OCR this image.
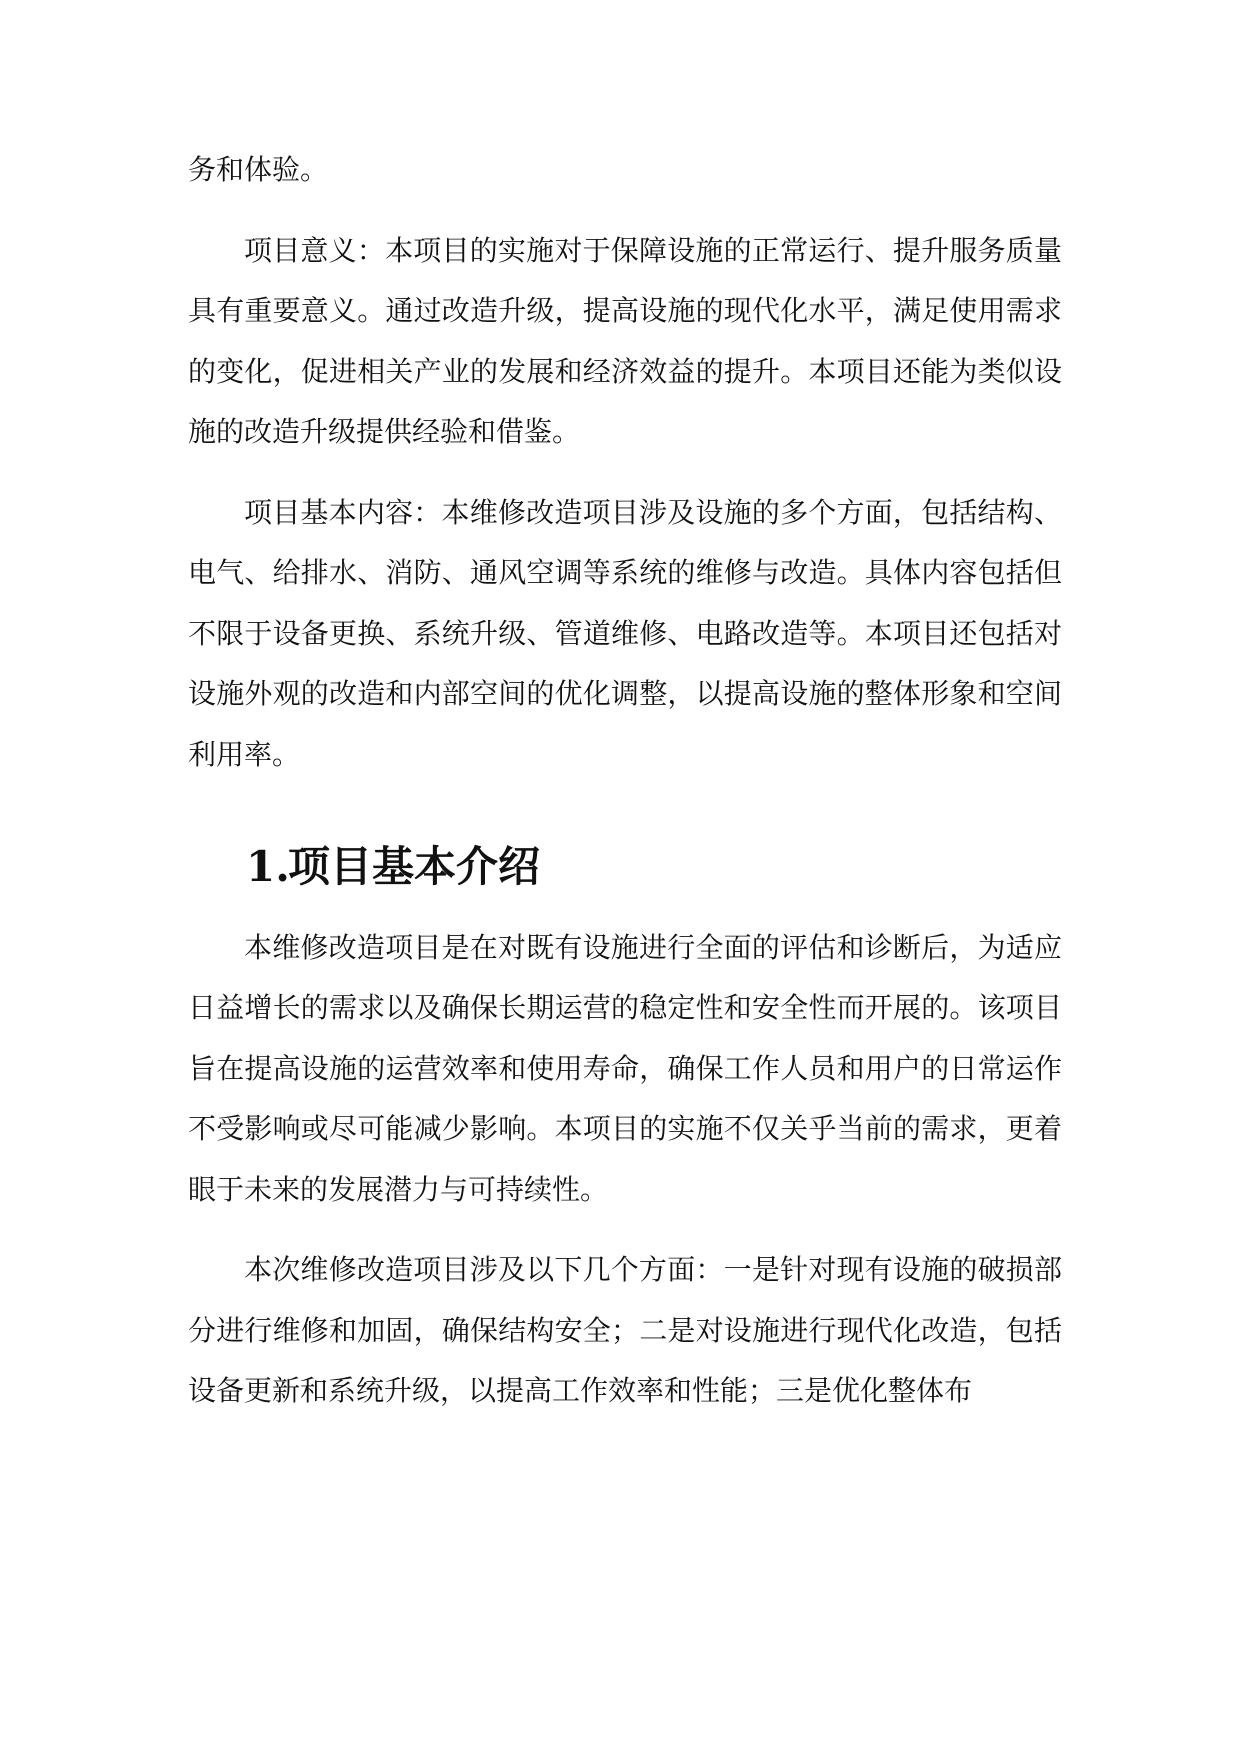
务和体验。

项目意义：本项目的实施对于保障设施的正常运行、提升服务质量具有重要意义。通过改造升级，提高设施的现代化水平，满足使用需求的变化，促进相关产业的发展和经济效益的提升。本项目还能为类似设施的改造升级提供经验和借鉴。

项目基本内容：本维修改造项目涉及设施的多个方面，包括结构、电气、给排水、消防、通风空调等系统的维修与改造。具体内容包括但不限于设备更换、系统升级、管道维修、电路改造等。本项目还包括对设施外观的改造和内部空间的优化调整，以提高设施的整体形象和空间利用率。

1.项目基本介绍

本维修改造项目是在对既有设施进行全面的评估和诊断后，为适应日益增长的需求以及确保长期运营的稳定性和安全性而开展的。该项目旨在提高设施的运营效率和使用寿命，确保工作人员和用户的日常运作不受影响或尽可能减少影响。本项目的实施不仅关乎当前的需求，更着眼于未来的发展潜力与可持续性。

本次维修改造项目涉及以下几个方面：一是针对现有设施的破损部分进行维修和加固，确保结构安全；二是对设施进行现代化改造，包括设备更新和系统升级，以提高工作效率和性能；三是优化整体布
